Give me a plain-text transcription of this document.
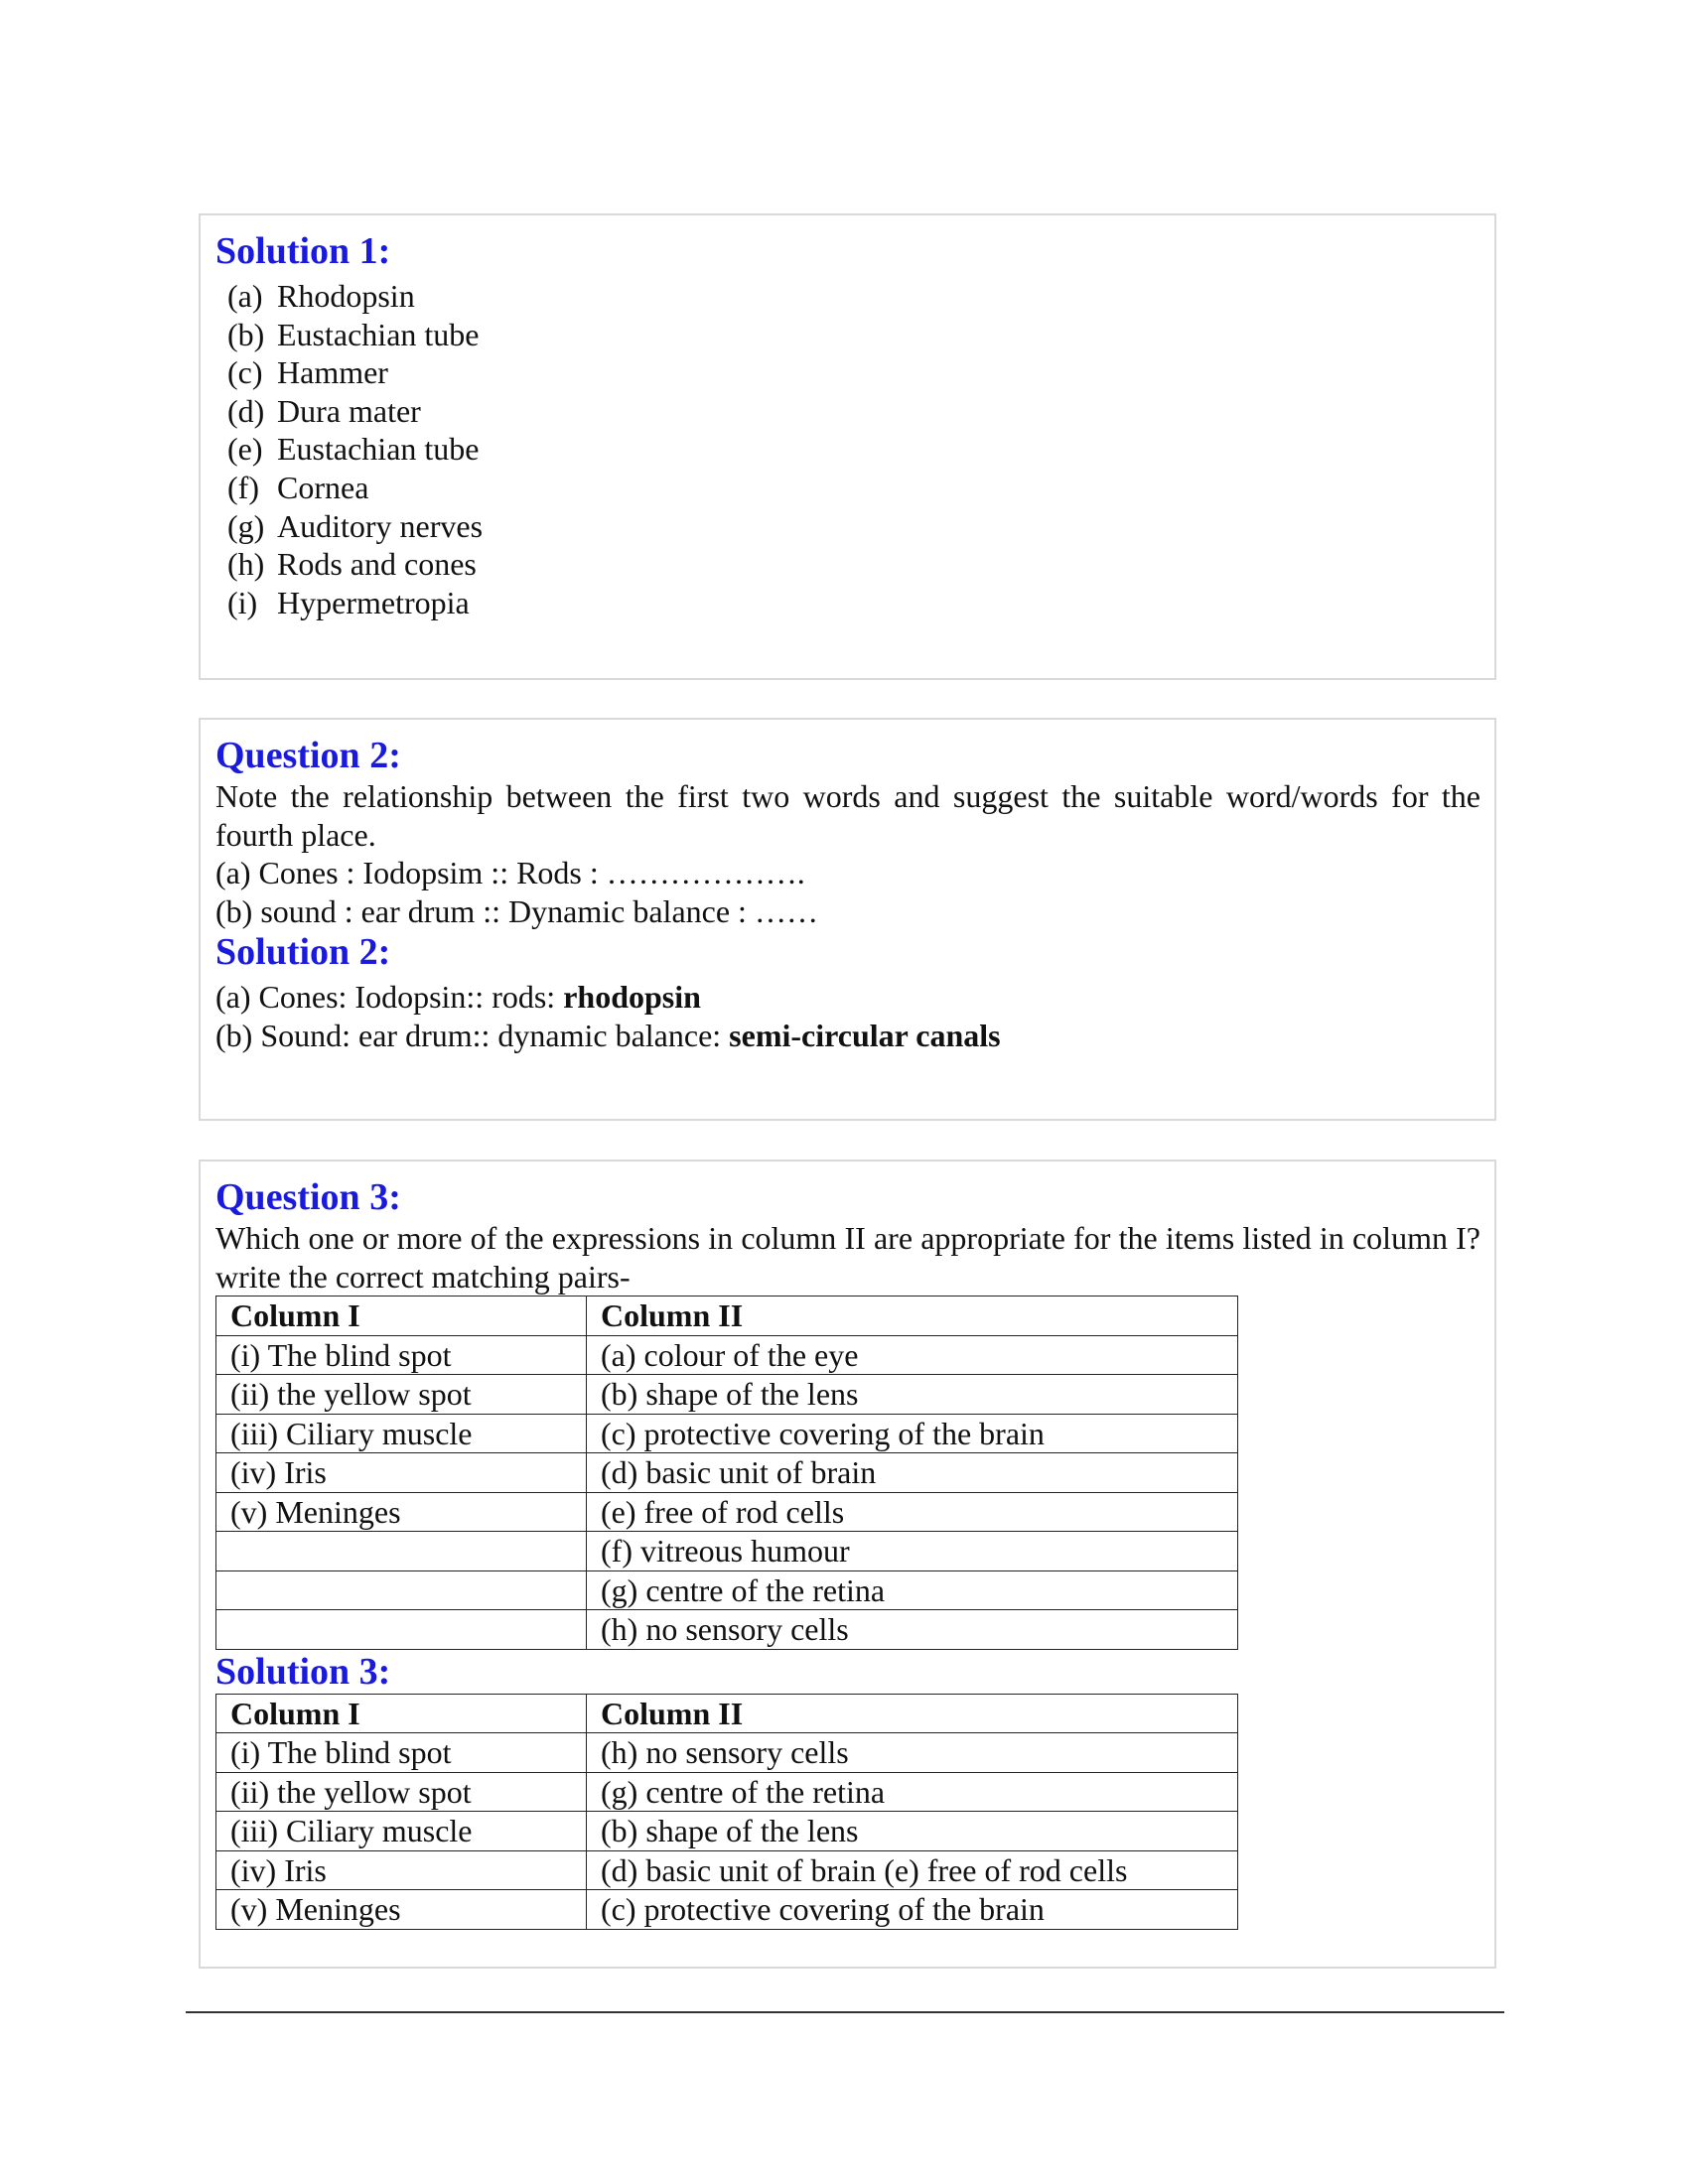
Solution 1:
(a) Rhodopsin
(b) Eustachian tube
(c) Hammer
(d) Dura mater
(e) Eustachian tube
(f) Cornea
(g) Auditory nerves
(h) Rods and cones
(i) Hypermetropia
Question 2:

Note the relationship between the first two words and suggest the suitable word/words for the fourth place.

(a) Cones : Iodopsim :: Rods : ……………….

(b) sound : ear drum :: Dynamic balance : ……

Solution 2:

(a) Cones: Iodopsin:: rods: rhodopsin

(b) Sound: ear drum:: dynamic balance: semi-circular canals

Question 3:

Which one or more of the expressions in column II are appropriate for the items listed in column I? write the correct matching pairs-

Column I	Column II
(i) The blind spot	(a) colour of the eye
(ii) the yellow spot	(b) shape of the lens
(iii) Ciliary muscle	(c) protective covering of the brain
(iv) Iris	(d) basic unit of brain
(v) Meninges	(e) free of rod cells
	(f) vitreous humour
	(g) centre of the retina
	(h) no sensory cells
Solution 3:
Column I	Column II
(i) The blind spot	(h) no sensory cells
(ii) the yellow spot	(g) centre of the retina
(iii) Ciliary muscle	(b) shape of the lens
(iv) Iris	(d) basic unit of brain (e) free of rod cells
(v) Meninges	(c) protective covering of the brain
